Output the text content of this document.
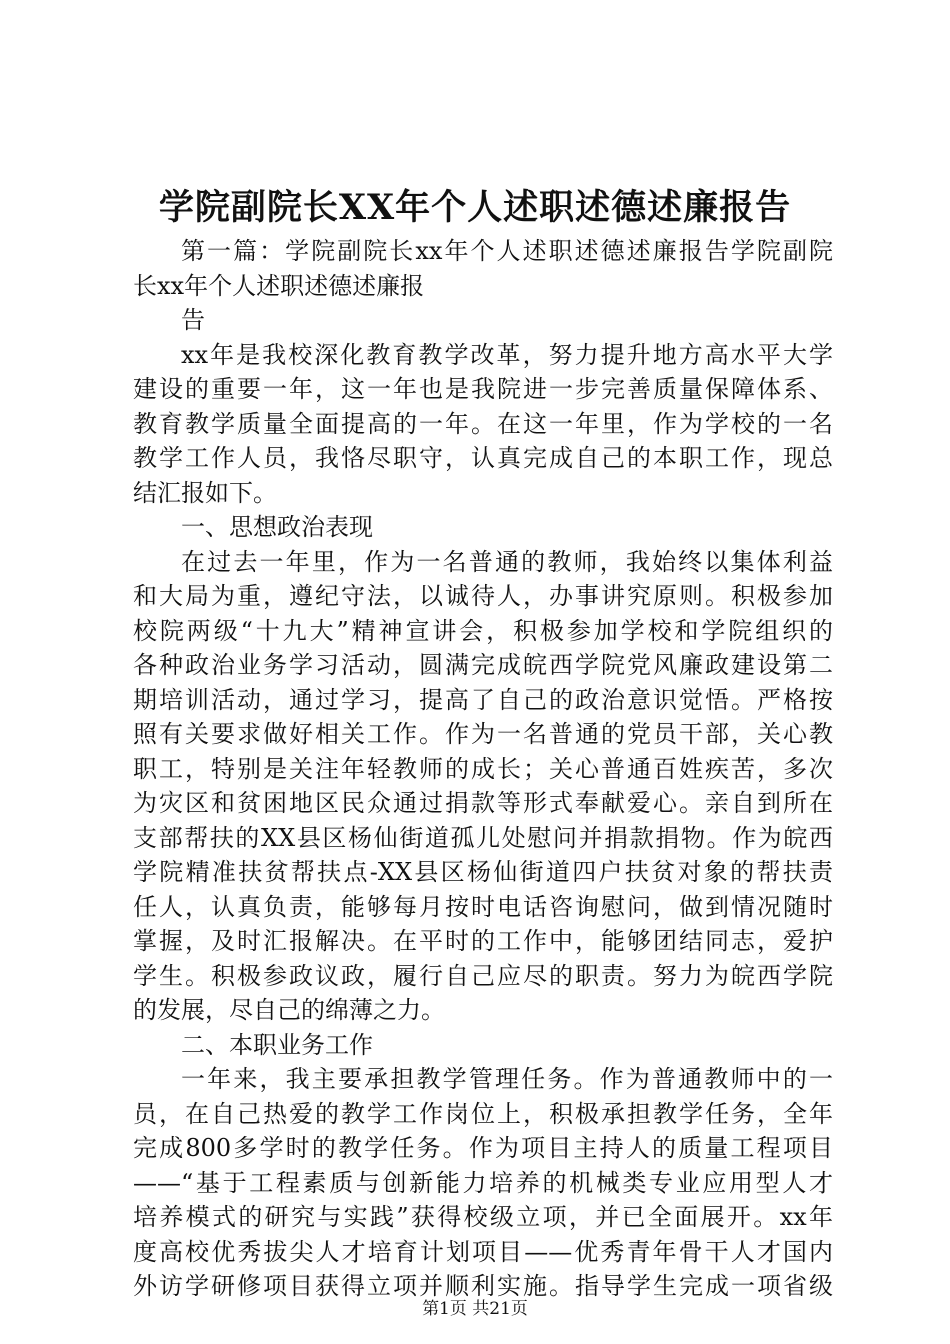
学院副院长XX年个人述职述德述廉报告
第一篇：学院副院长xx年个人述职述德述廉报告学院副院
长xx年个人述职述德述廉报
告
xx年是我校深化教育教学改革，努力提升地方高水平大学
建设的重要一年，这一年也是我院进一步完善质量保障体系、
教育教学质量全面提高的一年。在这一年里，作为学校的一名
教学工作人员，我恪尽职守，认真完成自己的本职工作，现总
结汇报如下。
一、思想政治表现
在过去一年里，作为一名普通的教师，我始终以集体利益
和大局为重，遵纪守法，以诚待人，办事讲究原则。积极参加
校院两级“十九大”精神宣讲会，积极参加学校和学院组织的
各种政治业务学习活动，圆满完成皖西学院党风廉政建设第二
期培训活动，通过学习，提高了自己的政治意识觉悟。严格按
照有关要求做好相关工作。作为一名普通的党员干部，关心教
职工，特别是关注年轻教师的成长；关心普通百姓疾苦，多次
为灾区和贫困地区民众通过捐款等形式奉献爱心。亲自到所在
支部帮扶的XX县区杨仙街道孤儿处慰问并捐款捐物。作为皖西
学院精准扶贫帮扶点-XX县区杨仙街道四户扶贫对象的帮扶责
任人，认真负责，能够每月按时电话咨询慰问，做到情况随时
掌握，及时汇报解决。在平时的工作中，能够团结同志，爱护
学生。积极参政议政，履行自己应尽的职责。努力为皖西学院
的发展，尽自己的绵薄之力。
二、本职业务工作
一年来，我主要承担教学管理任务。作为普通教师中的一
员，在自己热爱的教学工作岗位上，积极承担教学任务，全年
完成800多学时的教学任务。作为项目主持人的质量工程项目
——“基于工程素质与创新能力培养的机械类专业应用型人才
培养模式的研究与实践”获得校级立项，并已全面展开。xx年
度高校优秀拔尖人才培育计划项目——优秀青年骨干人才国内
外访学研修项目获得立项并顺利实施。指导学生完成一项省级
第1页 共21页
